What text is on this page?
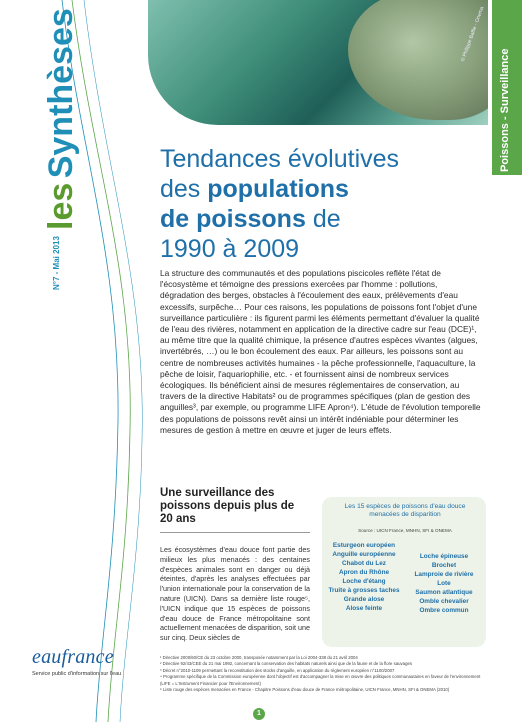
les Synthèses
N°7 - Mai 2013
© Philippe Baffie - Onema
Poissons - Surveillance
Tendances évolutives
des populations
de poissons de
1990 à 2009
La structure des communautés et des populations piscicoles reflète l'état de l'écosystème et témoigne des pressions exercées par l'homme : pollutions, dégradation des berges, obstacles à l'écoulement des eaux, prélèvements d'eau excessifs, surpêche… Pour ces raisons, les populations de poissons font l'objet d'une surveillance particulière : ils figurent parmi les éléments permettant d'évaluer la qualité de l'eau des rivières, notamment en application de la directive cadre sur l'eau (DCE)¹, au même titre que la qualité chimique, la présence d'autres espèces vivantes (algues, invertébrés, …) ou le bon écoulement des eaux. Par ailleurs, les poissons sont au centre de nombreuses activités humaines - la pêche professionnelle, l'aquaculture, la pêche de loisir, l'aquariophilie, etc. - et fournissent ainsi de nombreux services écologiques. Ils bénéficient ainsi de mesures réglementaires de conservation, au travers de la directive Habitats² ou de programmes spécifiques (plan de gestion des anguilles³, par exemple, ou programme LIFE Apron⁴). L'étude de l'évolution temporelle des populations de poissons revêt ainsi un intérêt indéniable pour déterminer les mesures de gestion à mettre en œuvre et juger de leurs effets.
Une surveillance des poissons depuis plus de 20 ans
Les écosystèmes d'eau douce font partie des milieux les plus menacés : des centaines d'espèces animales sont en danger ou déjà éteintes, d'après les analyses effectuées par l'union internationale pour la conservation de la nature (UICN). Dans sa dernière liste rouge⁵, l'UICN indique que 15 espèces de poissons d'eau douce de France métropolitaine sont actuellement menacées de disparition, soit une sur cinq. Deux siècles de
Les 15 espèces de poissons d'eau douce menacées de disparition
Source : UICN France, MNHN, SFI & ONEMA
Esturgeon européen
Anguille européenne
Chabot du Lez
Apron du Rhône
Loche d'étang
Truite à grosses taches
Grande alose
Alose feinte
Loche épineuse
Brochet
Lamproie de rivière
Lote
Saumon atlantique
Omble chevalier
Ombre commun
¹ Directive 2000/60/CE du 23 octobre 2000, transposée notamment par la Loi 2004-338 du 21 avril 2004
² Directive 92/43/CEE du 21 mai 1992, concernant la conservation des habitats naturels ainsi que de la faune et de la flore sauvages
³ Décret n°2010-1109 permettant la reconstitution des stocks d'anguille, en application du règlement européen n°1100/2007
⁴ Programme spécifique de la Commission européenne dont l'objectif est d'accompagner la mise en œuvre des politiques communautaires en faveur de l'environnement (LIFE = L'Instrument Financier pour l'Environnement)
⁵ Liste rouge des espèces menacées en France - Chapitre Poissons d'eau douce de France métropolitaine, UICN France, MNHN, SFI & ONEMA (2010)
eaufrance
Service public d'information sur l'eau
1
